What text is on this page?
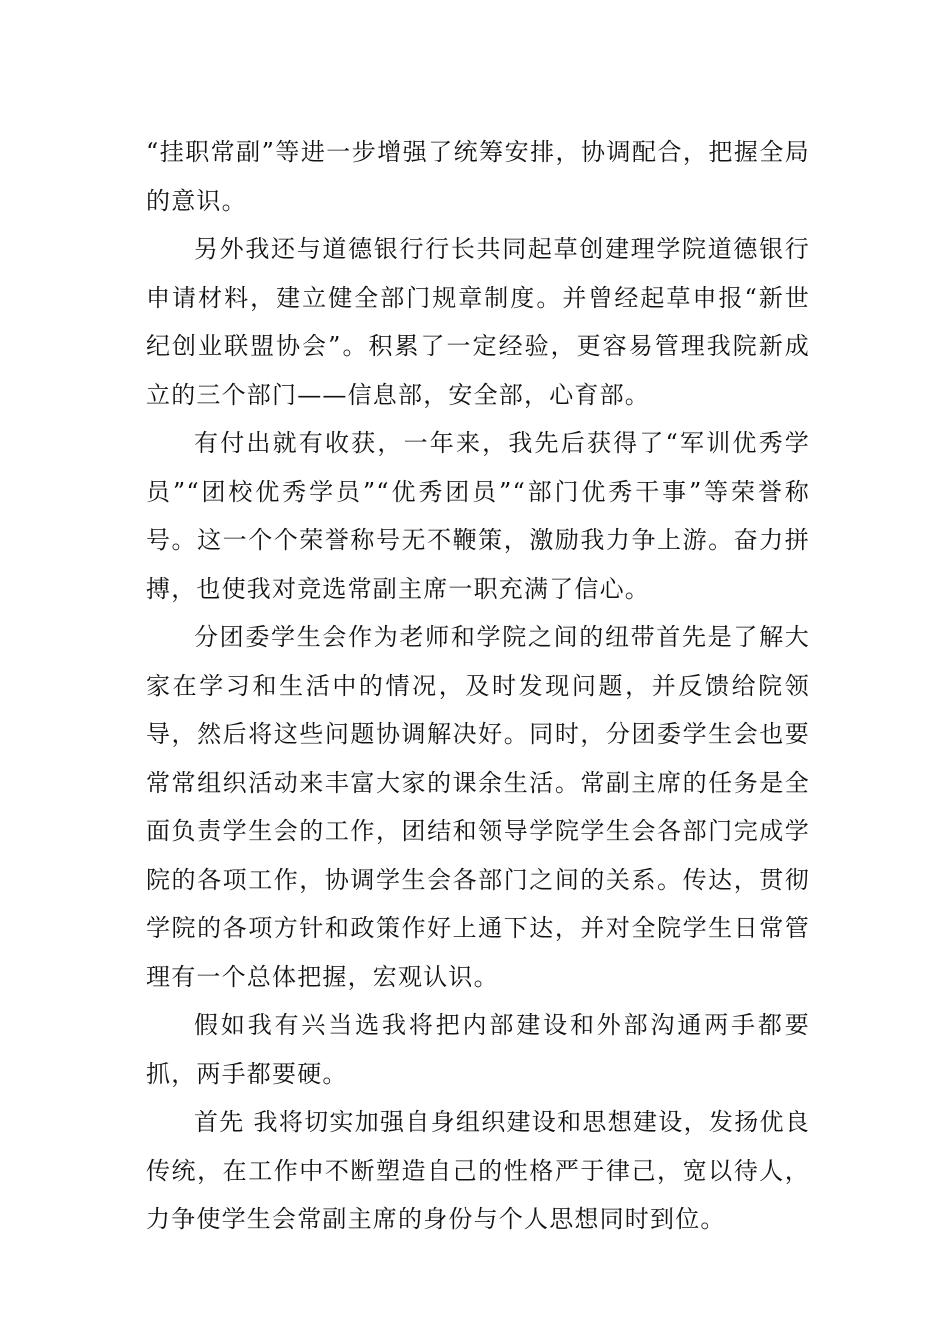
“挂职常副”等进一步增强了统筹安排，协调配合，把握全局的意识。

另外我还与道德银行行长共同起草创建理学院道德银行申请材料，建立健全部门规章制度。并曾经起草申报“新世纪创业联盟协会”。积累了一定经验，更容易管理我院新成立的三个部门——信息部，安全部，心育部。

有付出就有收获，一年来，我先后获得了“军训优秀学员”“团校优秀学员”“优秀团员”“部门优秀干事”等荣誉称号。这一个个荣誉称号无不鞭策，激励我力争上游。奋力拼搏，也使我对竞选常副主席一职充满了信心。

分团委学生会作为老师和学院之间的纽带首先是了解大家在学习和生活中的情况，及时发现问题，并反馈给院领导，然后将这些问题协调解决好。同时，分团委学生会也要常常组织活动来丰富大家的课余生活。常副主席的任务是全面负责学生会的工作，团结和领导学院学生会各部门完成学院的各项工作，协调学生会各部门之间的关系。传达，贯彻学院的各项方针和政策作好上通下达，并对全院学生日常管理有一个总体把握，宏观认识。

假如我有兴当选我将把内部建设和外部沟通两手都要抓，两手都要硬。

首先 我将切实加强自身组织建设和思想建设，发扬优良传统，在工作中不断塑造自己的性格严于律己，宽以待人，力争使学生会常副主席的身份与个人思想同时到位。
